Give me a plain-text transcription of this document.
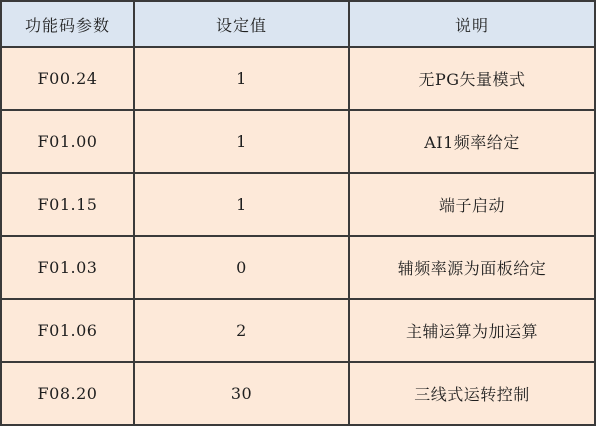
功能码参数	设定值	说明
F00.24	1	无PG矢量模式
F01.00	1	AI1频率给定
F01.15	1	端子启动
F01.03	0	辅频率源为面板给定
F01.06	2	主辅运算为加运算
F08.20	30	三线式运转控制
